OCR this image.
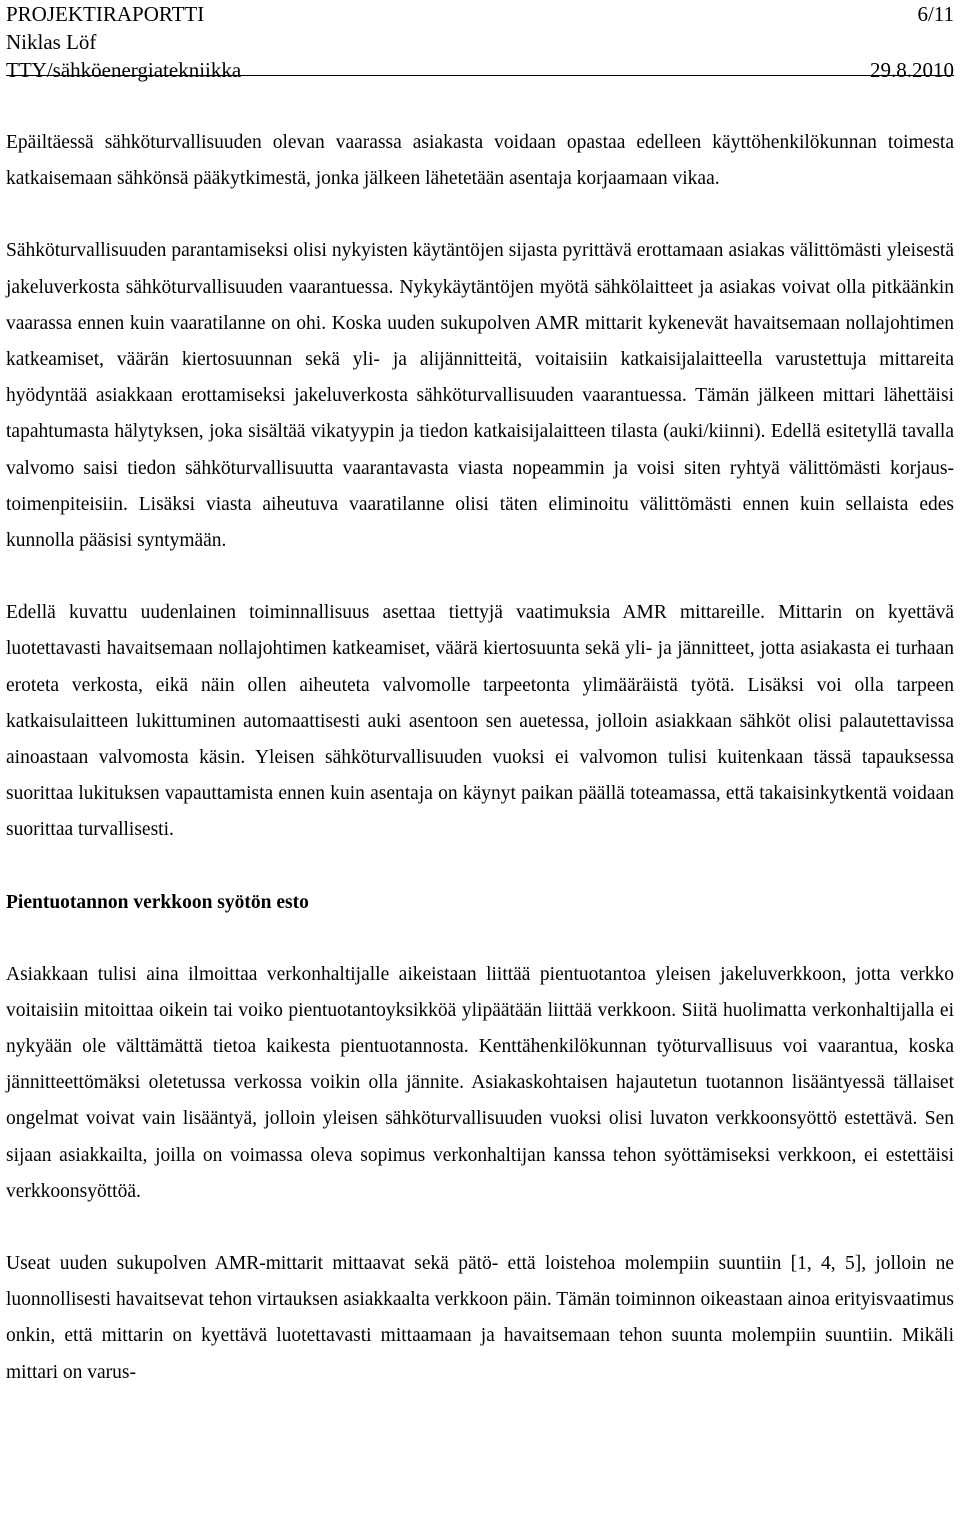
PROJEKTIRAPORTTI	6/11
Niklas Löf
TTY/sähköenergiatekniikka	29.8.2010

Epäiltäessä sähköturvallisuuden olevan vaarassa asiakasta voidaan opastaa edelleen käyttöhenkilökunnan toimesta katkaisemaan sähkönsä pääkytkimestä, jonka jälkeen lähetetään asentaja korjaamaan vikaa.

Sähköturvallisuuden parantamiseksi olisi nykyisten käytäntöjen sijasta pyrittävä erottamaan asiakas välittömästi yleisestä jakeluverkosta sähköturvallisuuden vaarantuessa. Nykykäytäntöjen myötä sähkölaitteet ja asiakas voivat olla pitkäänkin vaarassa ennen kuin vaaratilanne on ohi. Koska uuden sukupolven AMR mittarit kykenevät havaitsemaan nollajohtimen katkeamiset, väärän kiertosuunnan sekä yli- ja alijännitteitä, voitaisiin katkaisijalaitteella varustettuja mittareita hyödyntää asiakkaan erottamiseksi jakeluverkosta sähköturvallisuuden vaarantuessa. Tämän jälkeen mittari lähettäisi tapahtumasta hälytyksen, joka sisältää vikatyypin ja tiedon katkaisijalaitteen tilasta (auki/kiinni). Edellä esitetyllä tavalla valvomo saisi tiedon sähköturvallisuutta vaarantavasta viasta nopeammin ja voisi siten ryhtyä välittömästi korjaustoimenpiteisiin. Lisäksi viasta aiheutuva vaaratilanne olisi täten eliminoitu välittömästi ennen kuin sellaista edes kunnolla pääsisi syntymään.

Edellä kuvattu uudenlainen toiminnallisuus asettaa tiettyjä vaatimuksia AMR mittareille. Mittarin on kyettävä luotettavasti havaitsemaan nollajohtimen katkeamiset, väärä kiertosuunta sekä yli- ja jännitteet, jotta asiakasta ei turhaan eroteta verkosta, eikä näin ollen aiheuteta valvomolle tarpeetonta ylimääräistä työtä. Lisäksi voi olla tarpeen katkaisulaitteen lukittuminen automaattisesti auki asentoon sen auetessa, jolloin asiakkaan sähköt olisi palautettavissa ainoastaan valvomosta käsin. Yleisen sähköturvallisuuden vuoksi ei valvomon tulisi kuitenkaan tässä tapauksessa suorittaa lukituksen vapauttamista ennen kuin asentaja on käynyt paikan päällä toteamassa, että takaisinkytkentä voidaan suorittaa turvallisesti.

Pientuotannon verkkoon syötön esto

Asiakkaan tulisi aina ilmoittaa verkonhaltijalle aikeistaan liittää pientuotantoa yleisen jakeluverkkoon, jotta verkko voitaisiin mitoittaa oikein tai voiko pientuotantoyksikköä ylipäätään liittää verkkoon. Siitä huolimatta verkonhaltijalla ei nykyään ole välttämättä tietoa kaikesta pientuotannosta. Kenttähenkilökunnan työturvallisuus voi vaarantua, koska jännitteettömäksi oletetussa verkossa voikin olla jännite. Asiakaskohtaisen hajautetun tuotannon lisääntyessä tällaiset ongelmat voivat vain lisääntyä, jolloin yleisen sähköturvallisuuden vuoksi olisi luvaton verkkoonsyöttö estettävä. Sen sijaan asiakkailta, joilla on voimassa oleva sopimus verkonhaltijan kanssa tehon syöttämiseksi verkkoon, ei estettäisi verkkoonsyöttöä.

Useat uuden sukupolven AMR-mittarit mittaavat sekä pätö- että loistehoa molempiin suuntiin [1, 4, 5], jolloin ne luonnollisesti havaitsevat tehon virtauksen asiakkaalta verkkoon päin. Tämän toiminnon oikeastaan ainoa erityisvaatimus onkin, että mittarin on kyettävä luotettavasti mittaamaan ja havaitsemaan tehon suunta molempiin suuntiin. Mikäli mittari on varus-
